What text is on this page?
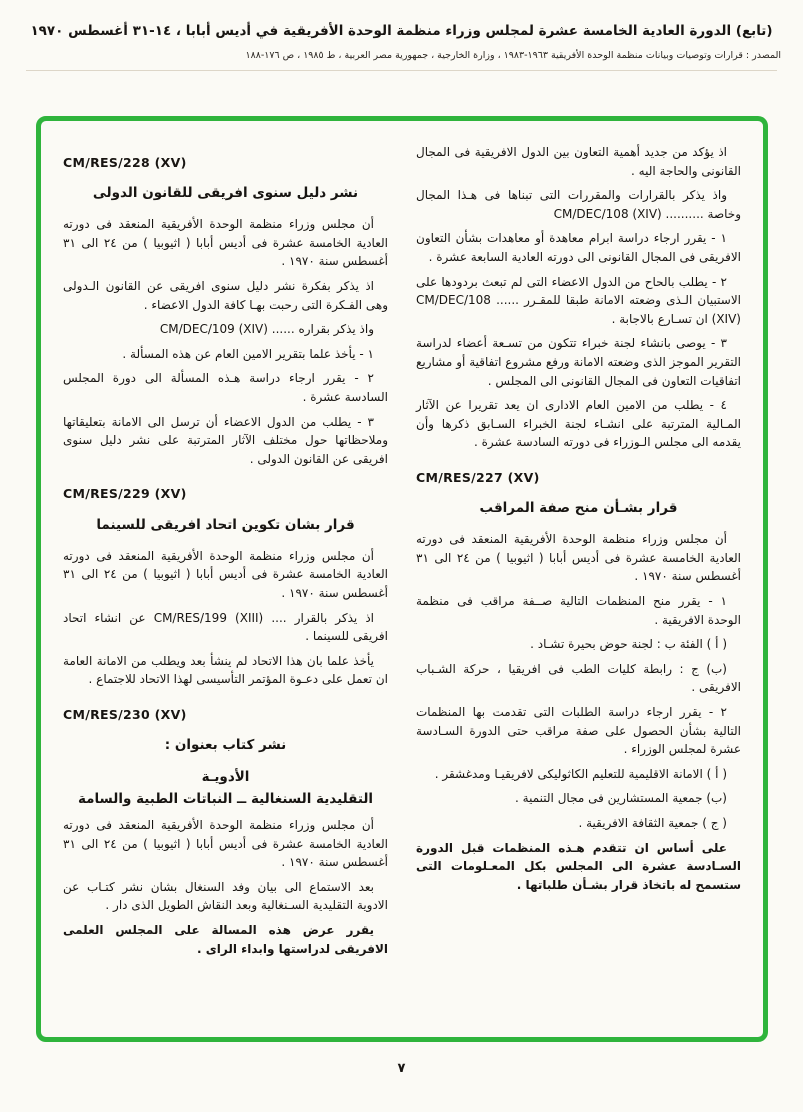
(تابع) الدورة العادية الخامسة عشرة لمجلس وزراء منظمة الوحدة الأفريقية في أديس أبابا ، ١٤-٣١ أغسطس ١٩٧٠
المصدر : قرارات وتوصيات وبيانات منظمة الوحدة الأفريقية ١٩٦٣-١٩٨٣ ، وزارة الخارجية ، جمهورية مصر العربية ، ط ١٩٨٥ ، ص ١٧٦-١٨٨
اذ يؤكد من جديد أهمية التعاون بين الدول الافريقية فى المجال القانونى والحاجة اليه .
واذ يذكر بالقرارات والمقررات التى تبناها فى هـذا المجال وخاصة .......... CM/DEC/108 (XIV)
١ - يقرر ارجاء دراسة ابرام معاهدة أو معاهدات بشأن التعاون الافريقى فى المجال القانونى الى دورته العادية السابعة عشرة .
٢ - يطلب بالحاح من الدول الاعضاء التى لم تبعث بردودها على الاستبيان الـذى وضعته الامانة طبقا للمقـرر ...... CM/DEC/108 (XIV) ان تسـارع بالاجابة .
٣ - يوصى بانشاء لجنة خبراء تتكون من تسـعة أعضاء لدراسة التقرير الموجز الذى وضعته الامانة ورفع مشروع اتفاقية أو مشاريع اتفاقيات التعاون فى المجال القانونى الى المجلس .
٤ - يطلب من الامين العام الادارى ان يعد تقريرا عن الآثار المـالية المترتبة على انشـاء لجنة الخبراء السـابق ذكرها وأن يقدمه الى مجلس الـوزراء فى دورته السادسة عشرة .
CM/RES/227 (XV)
قرار بشـأن منح صفة المراقب
أن مجلس وزراء منظمة الوحدة الأفريقية المنعقد فى دورته العادية الخامسة عشرة فى أديس أبابا ( اثيوبيا ) من ٢٤ الى ٣١ أغسطس سنة ١٩٧٠ .
١ - يقرر منح المنظمات التالية صــفة مراقب فى منظمة الوحدة الافريقية .
( أ ) الفئة ب : لجنة حوض بحيرة تشـاد .
(ب) ج : رابطة كليات الطب فى افريقيا ، حركة الشـباب الافريقى .
٢ - يقرر ارجاء دراسة الطلبات التى تقدمت بها المنظمات التالية بشأن الحصول على صفة مراقب حتى الدورة السـادسة عشرة لمجلس الوزراء .
( أ ) الامانة الاقليمية للتعليم الكاثوليكى لافريقيـا ومدغشقر .
(ب) جمعية المستشارين فى مجال التنمية .
( ج ) جمعية الثقافة الافريقية .
على أساس ان تتقدم هـذه المنظمات قبل الدورة السـادسة عشرة الى المجلس بكل المعـلومات التى ستسمح له باتخاذ قرار بشـأن طلباتها .
CM/RES/228 (XV)
نشر دليل سنوى افريقى للقانون الدولى
أن مجلس وزراء منظمة الوحدة الأفريقية المنعقد فى دورته العادية الخامسة عشرة فى أديس أبابا ( اثيوبيا ) من ٢٤ الى ٣١ أغسطس سنة ١٩٧٠ .
اذ يذكر بفكرة نشر دليل سنوى افريقى عن القانون الـدولى وهى الفـكرة التى رحبت بهـا كافة الدول الاعضاء .
واذ يذكر بقراره ...... CM/DEC/109 (XIV)
١ - يأخذ علما بتقرير الامين العام عن هذه المسألة .
٢ - يقرر ارجاء دراسة هـذه المسألة الى دورة المجلس السادسة عشرة .
٣ - يطلب من الدول الاعضاء أن ترسل الى الامانة بتعليقاتها وملاحظاتها حول مختلف الآثار المترتبة على نشر دليل سنوى افريقى عن القانون الدولى .
CM/RES/229 (XV)
قرار بشان تكوين اتحاد افريقى للسينما
أن مجلس وزراء منظمة الوحدة الأفريقية المنعقد فى دورته العادية الخامسة عشرة فى أديس أبابا ( اثيوبيا ) من ٢٤ الى ٣١ أغسطس سنة ١٩٧٠ .
اذ يذكر بالقرار .... CM/RES/199 (XIII) عن انشاء اتحاد افريقى للسينما .
يأخذ علما بان هذا الاتحاد لم ينشأ بعد ويطلب من الامانة العامة ان تعمل على دعـوة المؤتمر التأسيسى لهذا الاتحاد للاجتماع .
CM/RES/230 (XV)
نشر كتاب بعنوان :
الأدويـة
التقليدية السنغالية ــ النباتات الطبية والسامة
أن مجلس وزراء منظمة الوحدة الأفريقية المنعقد فى دورته العادية الخامسة عشرة فى أديس أبابا ( اثيوبيا ) من ٢٤ الى ٣١ أغسطس سنة ١٩٧٠ .
بعد الاستماع الى بيان وفد السنغال بشان نشر كتـاب عن الادوية التقليدية السـنغالية وبعد النقاش الطويل الذى دار .
يقرر عرض هذه المسالة على المجلس العلمى الافريقى لدراستها وابداء الراى .
٧
